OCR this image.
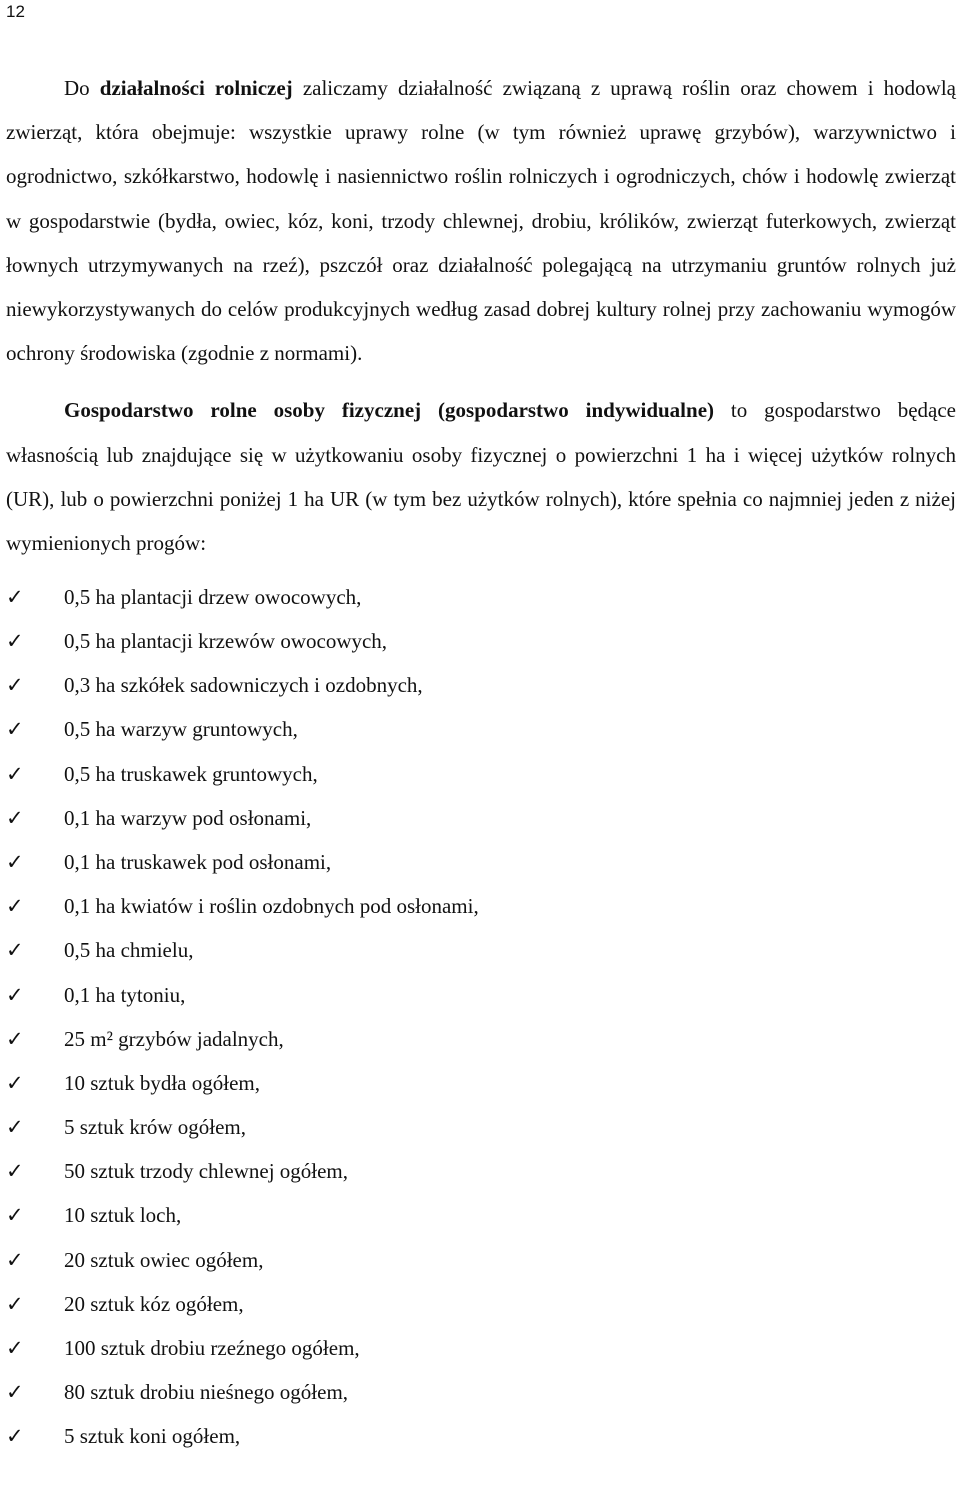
12

Do działalności rolniczej zaliczamy działalność związaną z uprawą roślin oraz chowem i hodowlą zwierząt, która obejmuje: wszystkie uprawy rolne (w tym również uprawę grzybów), warzywnictwo i ogrodnictwo, szkółkarstwo, hodowlę i nasiennictwo roślin rolniczych i ogrodniczych, chów i hodowlę zwierząt w gospodarstwie (bydła, owiec, kóz, koni, trzody chlewnej, drobiu, królików, zwierząt futerkowych, zwierząt łownych utrzymywanych na rzeź), pszczół oraz działalność polegającą na utrzymaniu gruntów rolnych już niewykorzystywanych do celów produkcyjnych według zasad dobrej kultury rolnej przy zachowaniu wymogów ochrony środowiska (zgodnie z normami).

Gospodarstwo rolne osoby fizycznej (gospodarstwo indywidualne) to gospodarstwo będące własnością lub znajdujące się w użytkowaniu osoby fizycznej o powierzchni 1 ha i więcej użytków rolnych (UR), lub o powierzchni poniżej 1 ha UR (w tym bez użytków rolnych), które spełnia co najmniej jeden z niżej wymienionych progów:

✓	0,5 ha plantacji drzew owocowych,
✓	0,5 ha plantacji krzewów owocowych,
✓	0,3 ha szkółek sadowniczych i ozdobnych,
✓	0,5 ha warzyw gruntowych,
✓	0,5 ha truskawek gruntowych,
✓	0,1 ha warzyw pod osłonami,
✓	0,1 ha truskawek pod osłonami,
✓	0,1 ha kwiatów i roślin ozdobnych pod osłonami,
✓	0,5 ha chmielu,
✓	0,1 ha tytoniu,
✓	25 m² grzybów jadalnych,
✓	10 sztuk bydła ogółem,
✓	5 sztuk krów ogółem,
✓	50 sztuk trzody chlewnej ogółem,
✓	10 sztuk loch,
✓	20 sztuk owiec ogółem,
✓	20 sztuk kóz ogółem,
✓	100 sztuk drobiu rzeźnego ogółem,
✓	80 sztuk drobiu nieśnego ogółem,
✓	5 sztuk koni ogółem,
